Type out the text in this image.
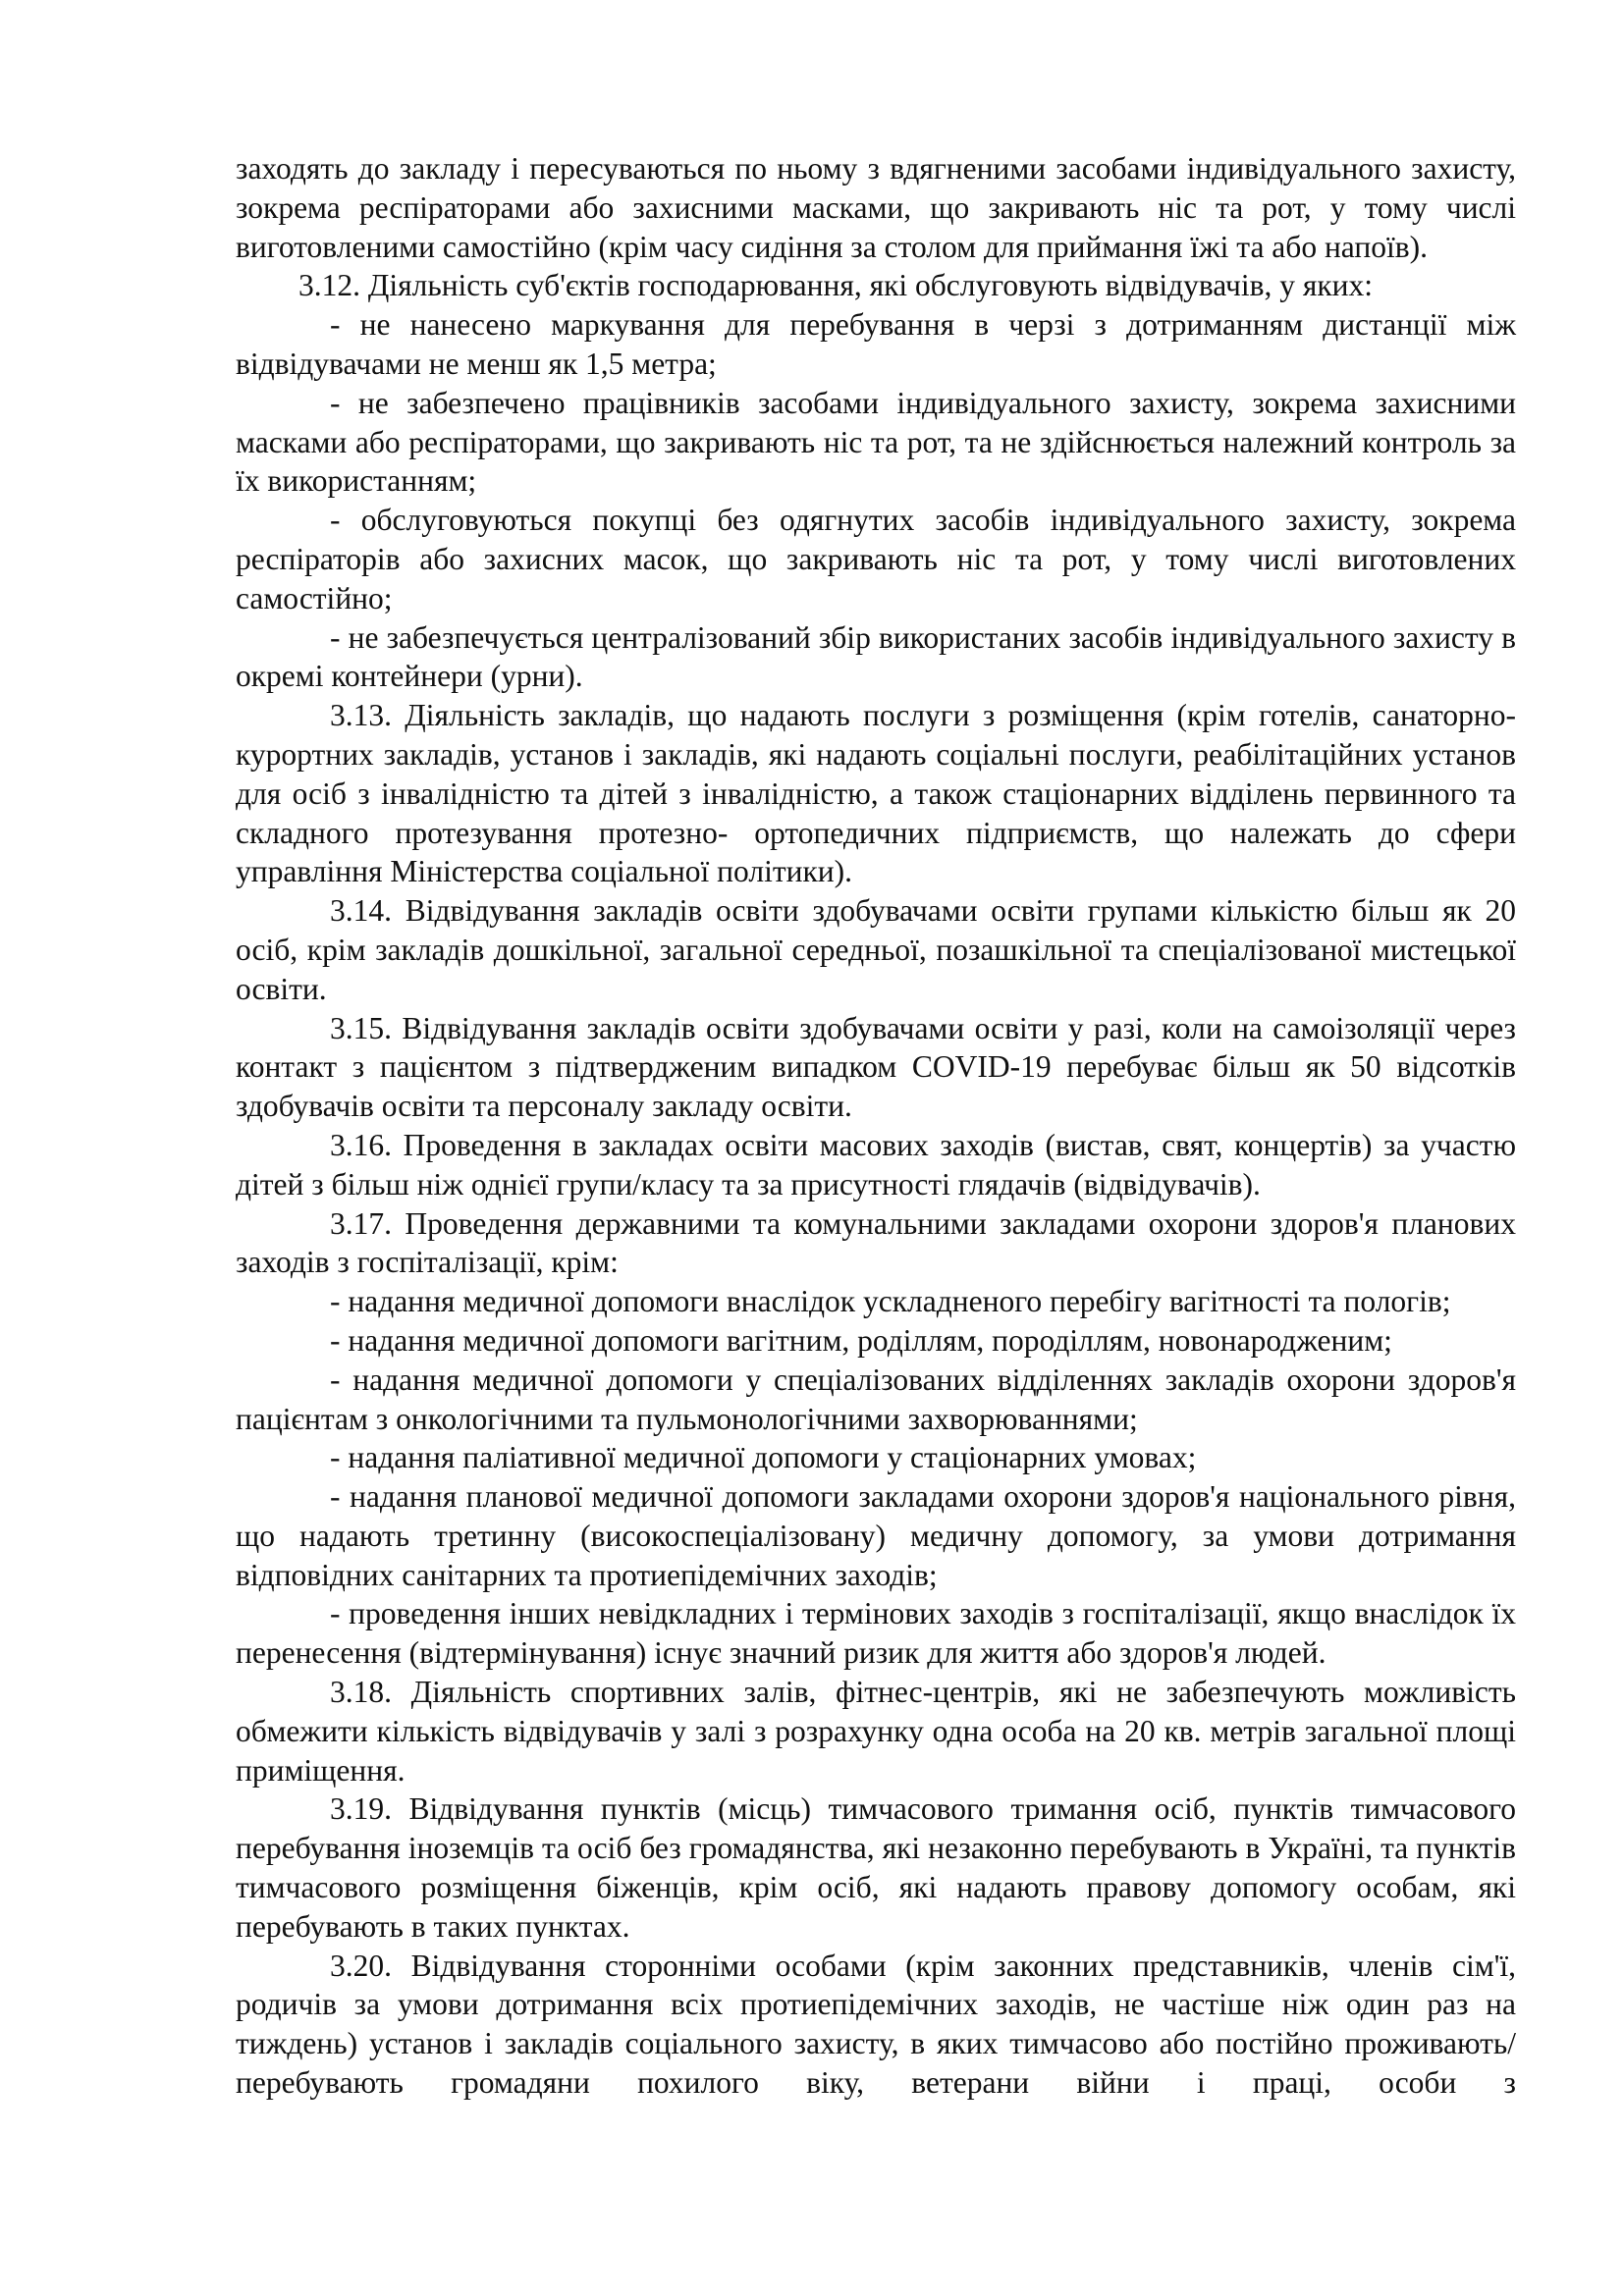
заходять до закладу і пересуваються по ньому з вдягненими засобами індивідуального захисту, зокрема респіраторами або захисними масками, що закривають ніс та рот, у тому числі виготовленими самостійно (крім часу сидіння за столом для приймання їжі та або напоїв).

3.12. Діяльність суб'єктів господарювання, які обслуговують відвідувачів, у яких:

- не нанесено маркування для перебування в черзі з дотриманням дистанції між відвідувачами не менш як 1,5 метра;

- не забезпечено працівників засобами індивідуального захисту, зокрема захисними масками або респіраторами, що закривають ніс та рот, та не здійснюється належний контроль за їх використанням;

- обслуговуються покупці без одягнутих засобів індивідуального захисту, зокрема респіраторів або захисних масок, що закривають ніс та рот, у тому числі виготовлених самостійно;

- не забезпечується централізований збір використаних засобів індивідуального захисту в окремі контейнери (урни).

3.13. Діяльність закладів, що надають послуги з розміщення (крім готелів, санаторно-курортних закладів, установ і закладів, які надають соціальні послуги, реабілітаційних установ для осіб з інвалідністю та дітей з інвалідністю, а також стаціонарних відділень первинного та складного протезування протезно- ортопедичних підприємств, що належать до сфери управління Міністерства соціальної політики).

3.14. Відвідування закладів освіти здобувачами освіти групами кількістю більш як 20 осіб, крім закладів дошкільної, загальної середньої, позашкільної та спеціалізованої мистецької освіти.

3.15. Відвідування закладів освіти здобувачами освіти у разі, коли на самоізоляції через контакт з пацієнтом з підтвердженим випадком COVID-19 перебуває більш як 50 відсотків здобувачів освіти та персоналу закладу освіти.

3.16. Проведення в закладах освіти масових заходів (вистав, свят, концертів) за участю дітей з більш ніж однієї групи/класу та за присутності глядачів (відвідувачів).

3.17. Проведення державними та комунальними закладами охорони здоров'я планових заходів з госпіталізації, крім:

- надання медичної допомоги внаслідок ускладненого перебігу вагітності та пологів;

- надання медичної допомоги вагітним, роділлям, породіллям, новонародженим;

- надання медичної допомоги у спеціалізованих відділеннях закладів охорони здоров'я пацієнтам з онкологічними та пульмонологічними захворюваннями;

- надання паліативної медичної допомоги у стаціонарних умовах;

- надання планової медичної допомоги закладами охорони здоров'я національного рівня, що надають третинну (високоспеціалізовану) медичну допомогу, за умови дотримання відповідних санітарних та протиепідемічних заходів;

- проведення інших невідкладних і термінових заходів з госпіталізації, якщо внаслідок їх перенесення (відтермінування) існує значний ризик для життя або здоров'я людей.

3.18. Діяльність спортивних залів, фітнес-центрів, які не забезпечують можливість обмежити кількість відвідувачів у залі з розрахунку одна особа на 20 кв. метрів загальної площі приміщення.

3.19. Відвідування пунктів (місць) тимчасового тримання осіб, пунктів тимчасового перебування іноземців та осіб без громадянства, які незаконно перебувають в Україні, та пунктів тимчасового розміщення біженців, крім осіб, які надають правову допомогу особам, які перебувають в таких пунктах.

3.20. Відвідування сторонніми особами (крім законних представників, членів сім'ї, родичів за умови дотримання всіх протиепідемічних заходів, не частіше ніж один раз на тиждень) установ і закладів соціального захисту, в яких тимчасово або постійно проживають/перебувають громадяни похилого віку, ветерани війни і праці, особи з
